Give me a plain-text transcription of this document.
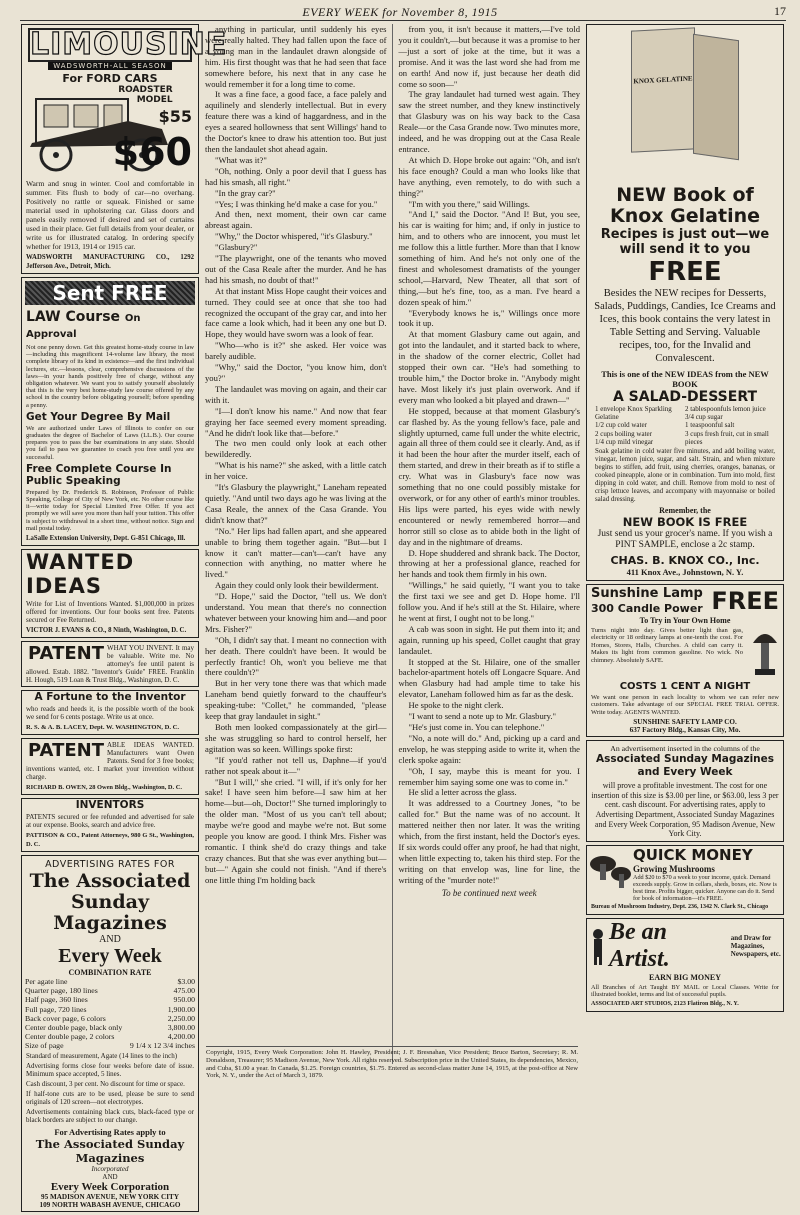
EVERY WEEK for November 8, 1915	17
LIMOUSINE
WADSWORTH-ALL SEASON
For FORD CARS
ROADSTER MODEL
$55
$60
Warm and snug in winter. Cool and comfortable in summer. Fits flush to body of car—no overhang. Positively no rattle or squeak. Finished or same material used in upholstering car. Glass doors and panels easily removed if desired and set of curtains used in their place. Get full details from your dealer, or write us for illustrated catalog. In ordering specify whether for 1913, 1914 or 1915 car.
WADSWORTH MANUFACTURING CO., 1292 Jefferson Ave., Detroit, Mich.
Sent FREE
LAW Course On Approval
Not one penny down. Get this greatest home-study course in law—including this magnificent 14-volume law library, the most complete library of its kind in existence—and the first individual lectures, etc.—lessons, clear, comprehensive discussions of the laws—in your hands positively free of charge, without any obligation whatever. We want you to satisfy yourself absolutely that this is the very best home-study law course offered by any school in the country before obligating yourself; before spending a penny.
Get Your Degree By Mail
We are authorized under Laws of Illinois to confer on our graduates the degree of Bachelor of Laws (LL.B.). Our course prepares you to pass the bar examinations in any state. Should you fail to pass we guarantee to coach you free until you are successful.
Free Complete Course In Public Speaking
Prepared by Dr. Frederick B. Robinson, Professor of Public Speaking, College of City of New York, etc. No other course like it—write today for Special Limited Free Offer. If you act promptly we will save you more than half your tuition. This offer is subject to withdrawal in a short time, without notice. Sign and mail postal today.
LaSalle Extension University, Dept. G-851 Chicago, Ill.
WANTED IDEAS
Write for List of Inventions Wanted. $1,000,000 in prizes offered for inventions. Our four books sent free. Patents secured or Fee Returned.
VICTOR J. EVANS & CO., 8 Ninth, Washington, D. C.
PATENT WHAT YOU INVENT. It may be valuable. Write me. No attorney's fee until patent is allowed. Estab. 1882. "Inventor's Guide" FREE. Franklin H. Hough, 519 Loan & Trust Bldg., Washington, D. C.
A Fortune to the Inventor
who reads and heeds it, is the possible worth of the book we send for 6 cents postage. Write us at once.
R. S. & A. B. LACEY, Dept. W. WASHINGTON, D. C.
PATENT ABLE IDEAS WANTED. Manufacturers want Owen Patents. Send for 3 free books; inventions wanted, etc. I market your invention without charge.
RICHARD B. OWEN, 28 Owen Bldg., Washington, D. C.
INVENTORS
PATENTS secured or fee refunded and advertised for sale at our expense. Books, search and advice free.
PATTISON & CO., Patent Attorneys, 980 G St., Washington, D. C.
ADVERTISING RATES FOR
The Associated Sunday Magazines
AND
Every Week
COMBINATION RATE
Per agate line	$3.00
Quarter page, 180 lines	475.00
Half page, 360 lines	950.00
Full page, 720 lines	1,900.00
Back cover page, 6 colors	2,250.00
Center double page, black only	3,800.00
Center double page, 2 colors	4,200.00
Size of page	9 1/4 x 12 3/4 inches
Standard of measurement, Agate (14 lines to the inch)
Advertising forms close four weeks before date of issue. Minimum space accepted, 5 lines.
Cash discount, 3 per cent. No discount for time or space.
If half-tone cuts are to be used, please be sure to send originals of 120 screen—not electrotypes.
Advertisements containing black cuts, black-faced type or black borders are subject to our change.
For Advertising Rates apply to
The Associated Sunday Magazines
Incorporated
AND
Every Week Corporation
95 MADISON AVENUE, NEW YORK CITY
109 NORTH WABASH AVENUE, CHICAGO

anything in particular, until suddenly his eyes were really halted. They had fallen upon the face of a young man in the landaulet drawn alongside of him. His first thought was that he had seen that face somewhere before, his next that in any case he would remember it for a long time to come.

It was a fine face, a good face, a face palely and aquilinely and slenderly intellectual. But in every feature there was a kind of haggardness, and in the eyes a seared hollowness that sent Willings' hand to the Doctor's knee to draw his attention too. But just then the landaulet shot ahead again.

"What was it?"

"Oh, nothing. Only a poor devil that I guess has had his smash, all right."

"In the gray car?"

"Yes; I was thinking he'd make a case for you."

And then, next moment, their own car came abreast again.

"Why," the Doctor whispered, "it's Glasbury."

"Glasbury?"

"The playwright, one of the tenants who moved out of the Casa Reale after the murder. And he has had his smash, no doubt of that!"

At that instant Miss Hope caught their voices and turned. They could see at once that she too had recognized the occupant of the gray car, and into her face came a look which, had it been any one but D. Hope, they would have sworn was a look of fear.

"Who—who is it?" she asked. Her voice was barely audible.

"Why," said the Doctor, "you know him, don't you?"

The landaulet was moving on again, and their car with it.

"I—I don't know his name." And now that fear graying her face seemed every moment spreading. "And he didn't look like that—before."

The two men could only look at each other bewilderedly.

"What is his name?" she asked, with a little catch in her voice.

"It's Glasbury the playwright," Laneham repeated quietly. "And until two days ago he was living at the Casa Reale, the annex of the Casa Grande. You didn't know that?"

"No." Her lips had fallen apart, and she appeared unable to bring them together again. "But—but I know it can't matter—can't—can't have any connection with anything, no matter where he lived."

Again they could only look their bewilderment.

"D. Hope," said the Doctor, "tell us. We don't understand. You mean that there's no connection whatever between your knowing him and—and poor Mrs. Fisher?"

"Oh, I didn't say that. I meant no connection with her death. There couldn't have been. It would be perfectly frantic! Oh, won't you believe me that there couldn't?"

But in her very tone there was that which made Laneham bend quietly forward to the chauffeur's speaking-tube: "Collet," he commanded, "please keep that gray landaulet in sight."

Both men looked compassionately at the girl—she was struggling so hard to control herself, her agitation was so keen. Willings spoke first:

"If you'd rather not tell us, Daphne—if you'd rather not speak about it—"

"But I will," she cried. "I will, if it's only for her sake! I have seen him before—I saw him at her home—but—oh, Doctor!" She turned imploringly to the older man. "Most of us you can't tell about; maybe we're good and maybe we're not. But some people you know are good. I think Mrs. Fisher was romantic. I think she'd do crazy things and take crazy chances. But that she was ever anything but—but—" Again she could not finish. "And if there's one little thing I'm holding back

from you, it isn't because it matters,—I've told you it couldn't,—but because it was a promise to her—just a sort of joke at the time, but it was a promise. And it was the last word she had from me on earth! And now if, just because her death did come so soon—"

The gray landaulet had turned west again. They saw the street number, and they knew instinctively that Glasbury was on his way back to the Casa Reale—or the Casa Grande now. Two minutes more, indeed, and he was dropping out at the Casa Reale entrance.

At which D. Hope broke out again: "Oh, and isn't his face enough? Could a man who looks like that have anything, even remotely, to do with such a thing?"

"I'm with you there," said Willings.

"And I," said the Doctor. "And I! But, you see, his car is waiting for him; and, if only in justice to him, and to others who are innocent, you must let me follow this a little further. More than that I know something of him. And he's not only one of the finest and wholesomest dramatists of the younger school,—Harvard, New Theater, all that sort of thing,—but he's fine, too, as a man. I've heard a dozen speak of him."

"Everybody knows he is," Willings once more took it up.

At that moment Glasbury came out again, and got into the landaulet, and it started back to where, in the shadow of the corner electric, Collet had stopped their own car. "He's had something to trouble him," the Doctor broke in. "Anybody might have. Most likely it's just plain overwork. And if every man who looked a bit played and drawn—"

He stopped, because at that moment Glasbury's car flashed by. As the young fellow's face, pale and slightly upturned, came full under the white electric, again all three of them could see it clearly. And, as if it had been the hour after the murder itself, each of them started, and drew in their breath as if to stifle a cry. What was in Glasbury's face now was something that no one could possibly mistake for overwork, or for any other of earth's minor troubles. His lips were parted, his eyes wide with newly encountered or newly remembered horror—and horror still so close as to abide both in the light of day and in the nightmare of dreams.

D. Hope shuddered and shrank back. The Doctor, throwing at her a professional glance, reached for her hands and took them firmly in his own.

"Willings," he said quietly, "I want you to take the first taxi we see and get D. Hope home. I'll follow you. And if he's still at the St. Hilaire, where he went at first, I ought not to be long."

A cab was soon in sight. He put them into it; and again, running up his speed, Collet caught that gray landaulet.

It stopped at the St. Hilaire, one of the smaller bachelor-apartment hotels off Longacre Square. And when Glasbury had had ample time to take his elevator, Laneham followed him as far as the desk.

He spoke to the night clerk.

"I want to send a note up to Mr. Glasbury."

"He's just come in. You can telephone."

"No, a note will do." And, picking up a card and envelop, he was stepping aside to write it, when the clerk spoke again:

"Oh, I say, maybe this is meant for you. I remember him saying some one was to come in."

He slid a letter across the glass.

It was addressed to a Courtney Jones, "to be called for." But the name was of no account. It mattered neither then nor later. It was the writing which, from the first instant, held the Doctor's eyes. If six words could offer any proof, he had that night, when little expecting to, taken his third step. For the writing on that envelop was, line for line, the writing of the "murder note!"

To be continued next week
Copyright, 1915, Every Week Corporation: John H. Hawley, President; J. F. Bresnahan, Vice President; Bruce Barton, Secretary; R. M. Donaldson, Treasurer; 95 Madison Avenue, New York. All rights reserved. Subscription price in the United States, its dependencies, Mexico, and Cuba, $1.00 a year. In Canada, $1.25. Foreign countries, $1.75. Entered as second-class matter June 14, 1915, at the post-office at New York, N. Y., under the Act of March 3, 1879.
KNOX GELATINE
NEW Book of
Knox Gelatine
Recipes is just out—we will send it to you
FREE
Besides the NEW recipes for Desserts, Salads, Puddings, Candies, Ice Creams and Ices, this book contains the very latest in Table Setting and Serving. Valuable recipes, too, for the Invalid and Convalescent.
This is one of the NEW IDEAS from the NEW BOOK
A SALAD-DESSERT
1 envelope Knox Sparkling Gelatine
1/2 cup cold water
2 cups boiling water
1/4 cup mild vinegar
2 tablespoonfuls lemon juice
3/4 cup sugar
1 teaspoonful salt
3 cups fresh fruit, cut in small pieces
Soak gelatine in cold water five minutes, and add boiling water, vinegar, lemon juice, sugar, and salt. Strain, and when mixture begins to stiffen, add fruit, using cherries, oranges, bananas, or cooked pineapple, alone or in combination. Turn into mold, first dipping in cold water, and chill. Remove from mold to nest of crisp lettuce leaves, and accompany with mayonnaise or boiled salad dressing.
Remember, the
NEW BOOK IS FREE
Just send us your grocer's name. If you wish a PINT SAMPLE, enclose a 2c stamp.
CHAS. B. KNOX CO., Inc.
411 Knox Ave., Johnstown, N. Y.
FREE
Sunshine Lamp
300 Candle Power
To Try in Your Own Home
Turns night into day. Gives better light than gas, electricity or 18 ordinary lamps at one-tenth the cost. For Homes, Stores, Halls, Churches. A child can carry it. Makes its light from common gasoline. No wick. No chimney. Absolutely SAFE.
COSTS 1 CENT A NIGHT
We want one person in each locality to whom we can refer new customers. Take advantage of our SPECIAL FREE TRIAL OFFER. Write today. AGENTS WANTED.
SUNSHINE SAFETY LAMP CO.
637 Factory Bldg., Kansas City, Mo.
An advertisement inserted in the columns of the
Associated Sunday Magazines and Every Week
will prove a profitable investment. The cost for one insertion of this size is $3.00 per line, or $63.00, less 3 per cent. cash discount. For advertising rates, apply to Advertising Department, Associated Sunday Magazines and Every Week Corporation, 95 Madison Avenue, New York City.
QUICK MONEY
Growing Mushrooms
Add $20 to $70 a week to your income, quick. Demand exceeds supply. Grow in cellars, sheds, boxes, etc. Now is best time. Profits bigger, quicker. Anyone can do it. Send for book of information—it's FREE.
Bureau of Mushroom Industry, Dept. 236, 1342 N. Clark St., Chicago
Be an Artist.
and Draw for Magazines, Newspapers, etc.
EARN BIG MONEY
All Branches of Art Taught BY MAIL or Local Classes. Write for illustrated booklet, terms and list of successful pupils.
ASSOCIATED ART STUDIOS, 2123 Flatiron Bldg., N. Y.
